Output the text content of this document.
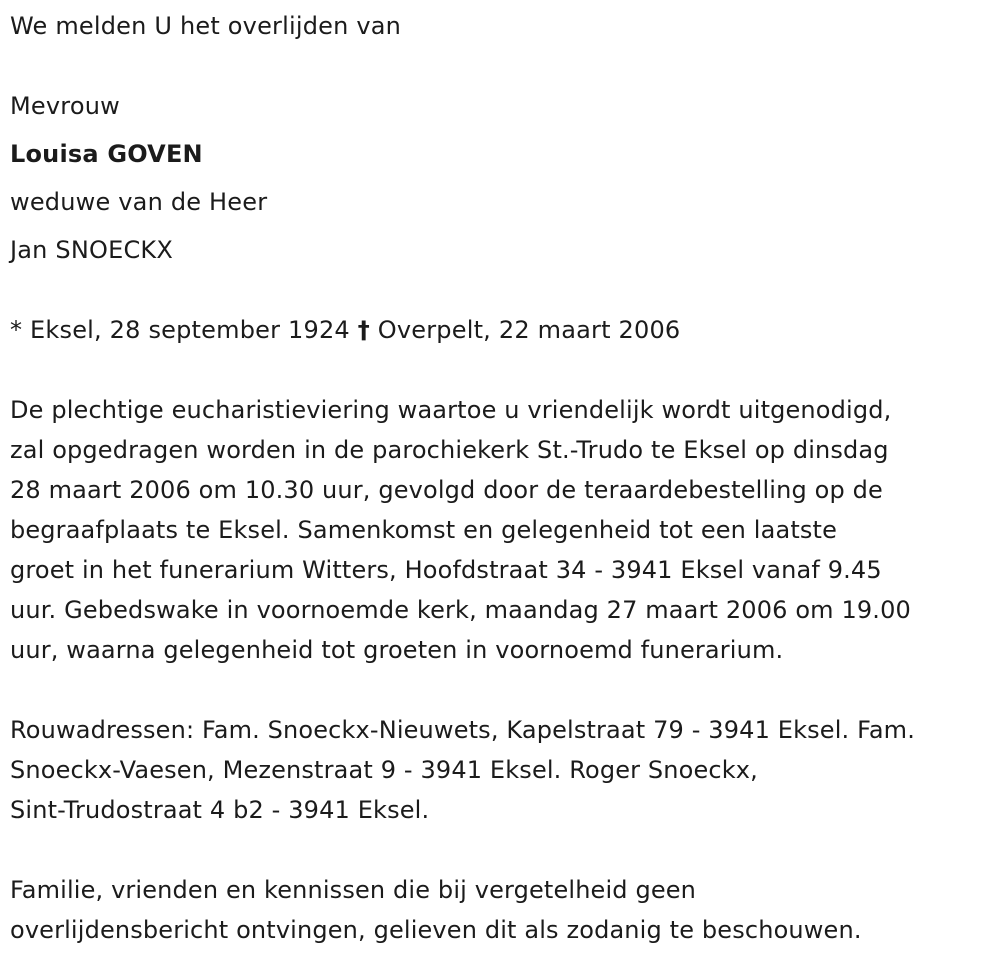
We melden U het overlijden van
Mevrouw
Louisa GOVEN
weduwe van de Heer
Jan SNOECKX
* Eksel, 28 september 1924 † Overpelt, 22 maart 2006
De plechtige eucharistieviering waartoe u vriendelijk wordt uitgenodigd,
zal opgedragen worden in de parochiekerk St.-Trudo te Eksel op dinsdag
28 maart 2006 om 10.30 uur, gevolgd door de teraardebestelling op de
begraafplaats te Eksel. Samenkomst en gelegenheid tot een laatste
groet in het funerarium Witters, Hoofdstraat 34 - 3941 Eksel vanaf 9.45
uur. Gebedswake in voornoemde kerk, maandag 27 maart 2006 om 19.00
uur, waarna gelegenheid tot groeten in voornoemd funerarium.
Rouwadressen: Fam. Snoeckx-Nieuwets, Kapelstraat 79 - 3941 Eksel. Fam.
Snoeckx-Vaesen, Mezenstraat 9 - 3941 Eksel. Roger Snoeckx,
Sint-Trudostraat 4 b2 - 3941 Eksel.
Familie, vrienden en kennissen die bij vergetelheid geen
overlijdensbericht ontvingen, gelieven dit als zodanig te beschouwen.
